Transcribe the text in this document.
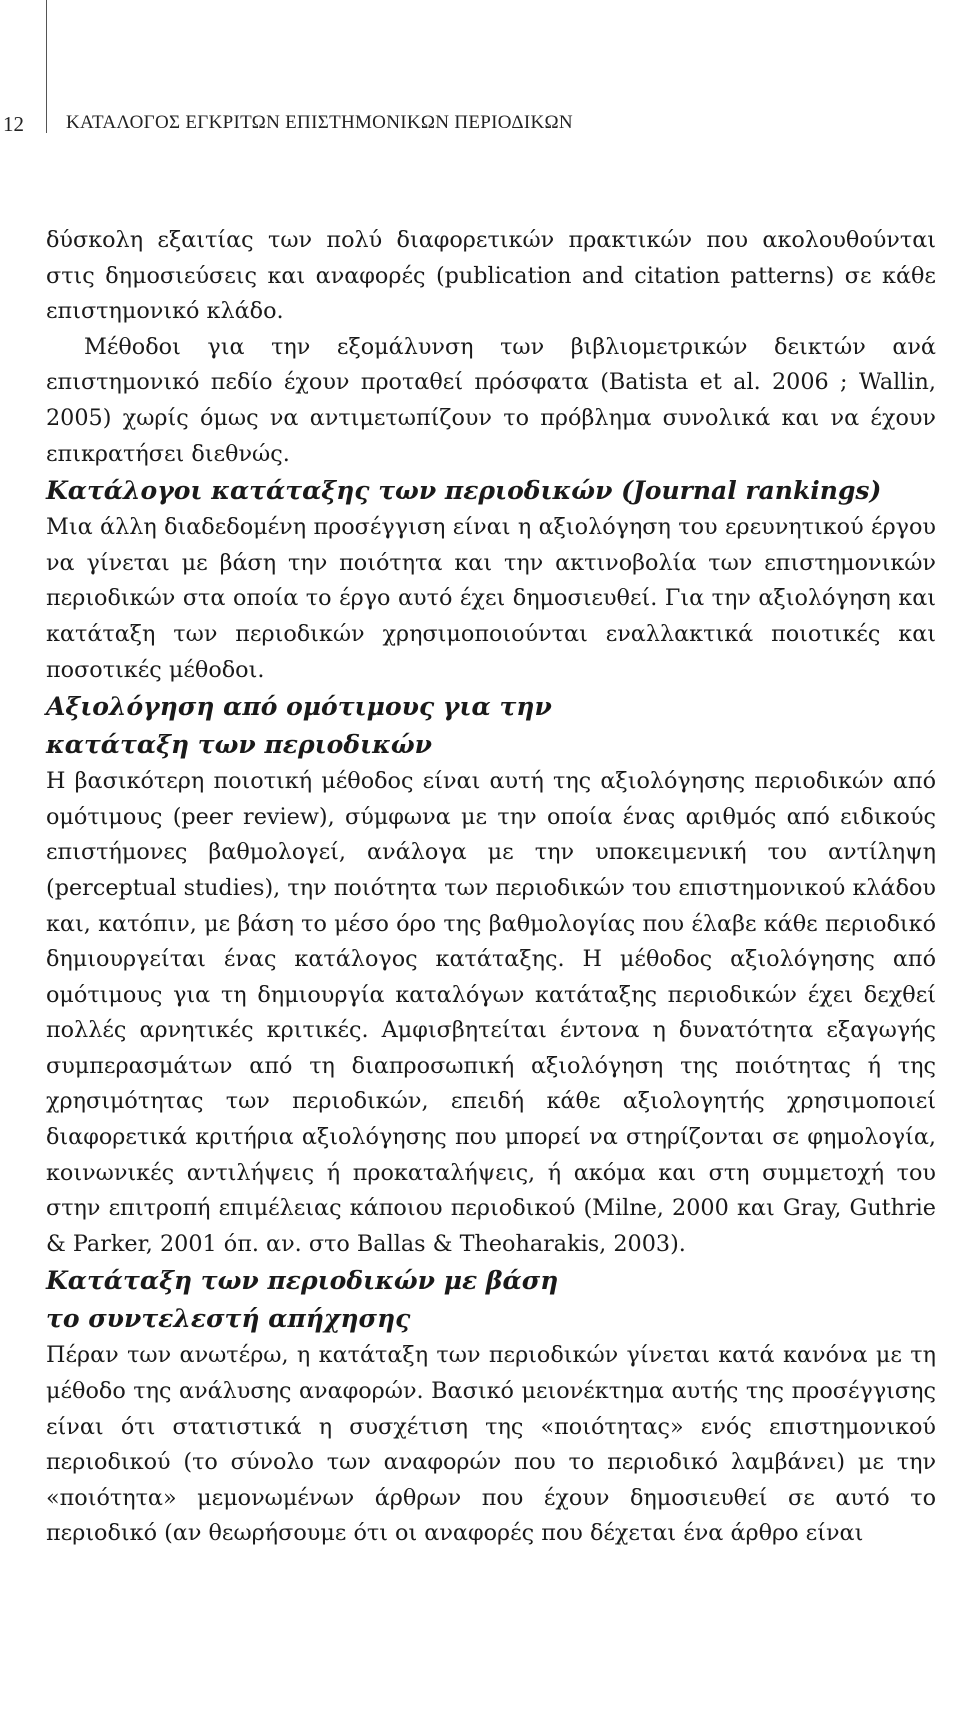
12 ΚΑΤΑΛΟΓΟΣ ΕΓΚΡΙΤΩΝ ΕΠΙΣΤΗΜΟΝΙΚΩΝ ΠΕΡΙΟΔΙΚΩΝ

δύσκολη εξαιτίας των πολύ διαφορετικών πρακτικών που ακολουθούνται στις δημοσιεύσεις και αναφορές (publication and citation patterns) σε κάθε επιστημονικό κλάδο.

Μέθοδοι για την εξομάλυνση των βιβλιομετρικών δεικτών ανά επιστημονικό πεδίο έχουν προταθεί πρόσφατα (Batista et al. 2006 ; Wallin, 2005) χωρίς όμως να αντιμετωπίζουν το πρόβλημα συνολικά και να έχουν επικρατήσει διεθνώς.

Κατάλογοι κατάταξης των περιοδικών (Journal rankings)

Μια άλλη διαδεδομένη προσέγγιση είναι η αξιολόγηση του ερευνητικού έργου να γίνεται με βάση την ποιότητα και την ακτινοβολία των επιστημονικών περιοδικών στα οποία το έργο αυτό έχει δημοσιευθεί. Για την αξιολόγηση και κατάταξη των περιοδικών χρησιμοποιούνται εναλλακτικά ποιοτικές και ποσοτικές μέθοδοι.

Αξιολόγηση από ομότιμους για την
κατάταξη των περιοδικών

Η βασικότερη ποιοτική μέθοδος είναι αυτή της αξιολόγησης περιοδικών από ομότιμους (peer review), σύμφωνα με την οποία ένας αριθμός από ειδικούς επιστήμονες βαθμολογεί, ανάλογα με την υποκειμενική του αντίληψη (perceptual studies), την ποιότητα των περιοδικών του επιστημονικού κλάδου και, κατόπιν, με βάση το μέσο όρο της βαθμολογίας που έλαβε κάθε περιοδικό δημιουργείται ένας κατάλογος κατάταξης. Η μέθοδος αξιολόγησης από ομότιμους για τη δημιουργία καταλόγων κατάταξης περιοδικών έχει δεχθεί πολλές αρνητικές κριτικές. Αμφισβητείται έντονα η δυνατότητα εξαγωγής συμπερασμάτων από τη διαπροσωπική αξιολόγηση της ποιότητας ή της χρησιμότητας των περιοδικών, επειδή κάθε αξιολογητής χρησιμοποιεί διαφορετικά κριτήρια αξιολόγησης που μπορεί να στηρίζονται σε φημολογία, κοινωνικές αντιλήψεις ή προκαταλήψεις, ή ακόμα και στη συμμετοχή του στην επιτροπή επιμέλειας κάποιου περιοδικού (Milne, 2000 και Gray, Guthrie & Parker, 2001 όπ. αν. στο Ballas & Theoharakis, 2003).

Κατάταξη των περιοδικών με βάση
το συντελεστή απήχησης

Πέραν των ανωτέρω, η κατάταξη των περιοδικών γίνεται κατά κανόνα με τη μέθοδο της ανάλυσης αναφορών. Βασικό μειονέκτημα αυτής της προσέγγισης είναι ότι στατιστικά η συσχέτιση της «ποιότητας» ενός επιστημονικού περιοδικού (το σύνολο των αναφορών που το περιοδικό λαμβάνει) με την «ποιότητα» μεμονωμένων άρθρων που έχουν δημοσιευθεί σε αυτό το περιοδικό (αν θεωρήσουμε ότι οι αναφορές που δέχεται ένα άρθρο είναι
